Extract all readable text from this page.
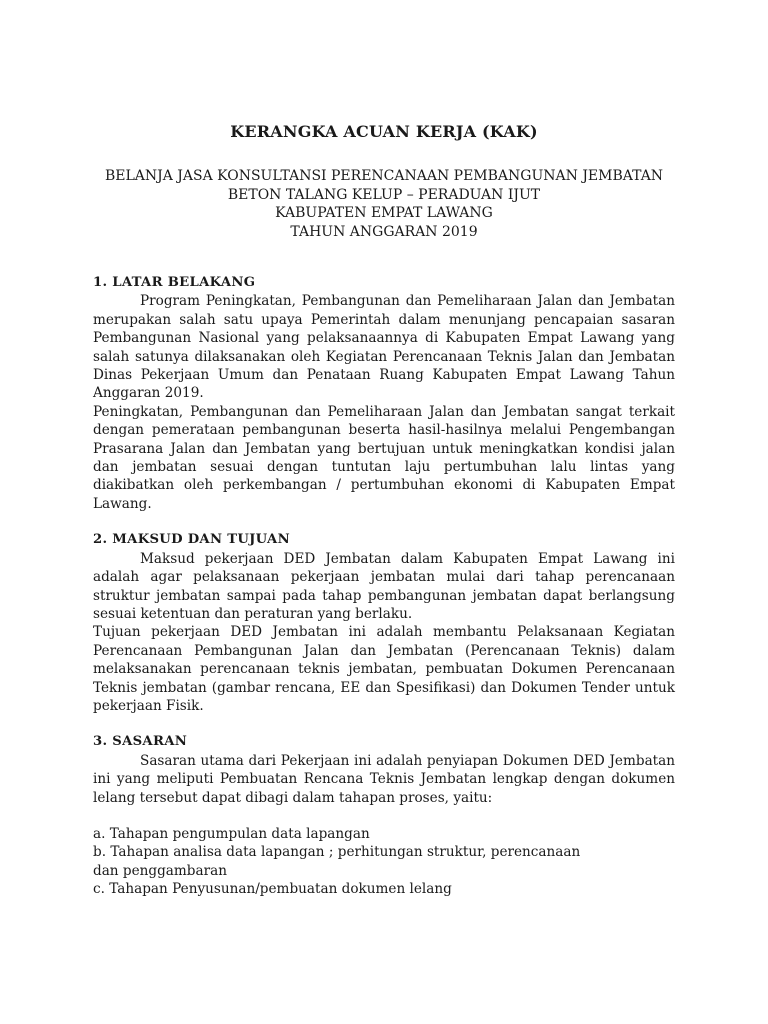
KERANGKA ACUAN KERJA (KAK)
BELANJA JASA KONSULTANSI PERENCANAAN PEMBANGUNAN JEMBATAN
BETON TALANG KELUP – PERADUAN IJUT
KABUPATEN EMPAT LAWANG
TAHUN ANGGARAN 2019
1. LATAR BELAKANG
Program Peningkatan, Pembangunan dan Pemeliharaan Jalan dan Jembatan merupakan salah satu upaya Pemerintah dalam menunjang pencapaian sasaran Pembangunan Nasional yang pelaksanaannya di Kabupaten Empat Lawang yang salah satunya dilaksanakan oleh Kegiatan Perencanaan Teknis Jalan dan Jembatan Dinas Pekerjaan Umum dan Penataan Ruang Kabupaten Empat Lawang Tahun Anggaran 2019.
Peningkatan, Pembangunan dan Pemeliharaan Jalan dan Jembatan sangat terkait dengan pemerataan pembangunan beserta hasil-hasilnya melalui Pengembangan Prasarana Jalan dan Jembatan yang bertujuan untuk meningkatkan kondisi jalan dan jembatan sesuai dengan tuntutan laju pertumbuhan lalu lintas yang diakibatkan oleh perkembangan / pertumbuhan ekonomi di Kabupaten Empat Lawang.
2. MAKSUD DAN TUJUAN
Maksud pekerjaan DED Jembatan dalam Kabupaten Empat Lawang ini adalah agar pelaksanaan pekerjaan jembatan mulai dari tahap perencanaan struktur jembatan sampai pada tahap pembangunan jembatan dapat berlangsung sesuai ketentuan dan peraturan yang berlaku.
Tujuan pekerjaan DED Jembatan ini adalah membantu Pelaksanaan Kegiatan Perencanaan Pembangunan Jalan dan Jembatan (Perencanaan Teknis) dalam melaksanakan perencanaan teknis jembatan, pembuatan Dokumen Perencanaan Teknis jembatan (gambar rencana, EE dan Spesifikasi) dan Dokumen Tender untuk pekerjaan Fisik.
3. SASARAN
Sasaran utama dari Pekerjaan ini adalah penyiapan Dokumen DED Jembatan ini yang meliputi Pembuatan Rencana Teknis Jembatan lengkap dengan dokumen lelang tersebut dapat dibagi dalam tahapan proses, yaitu:
a. Tahapan pengumpulan data lapangan
b. Tahapan analisa data lapangan ; perhitungan struktur, perencanaan
dan penggambaran
c. Tahapan Penyusunan/pembuatan dokumen lelang
